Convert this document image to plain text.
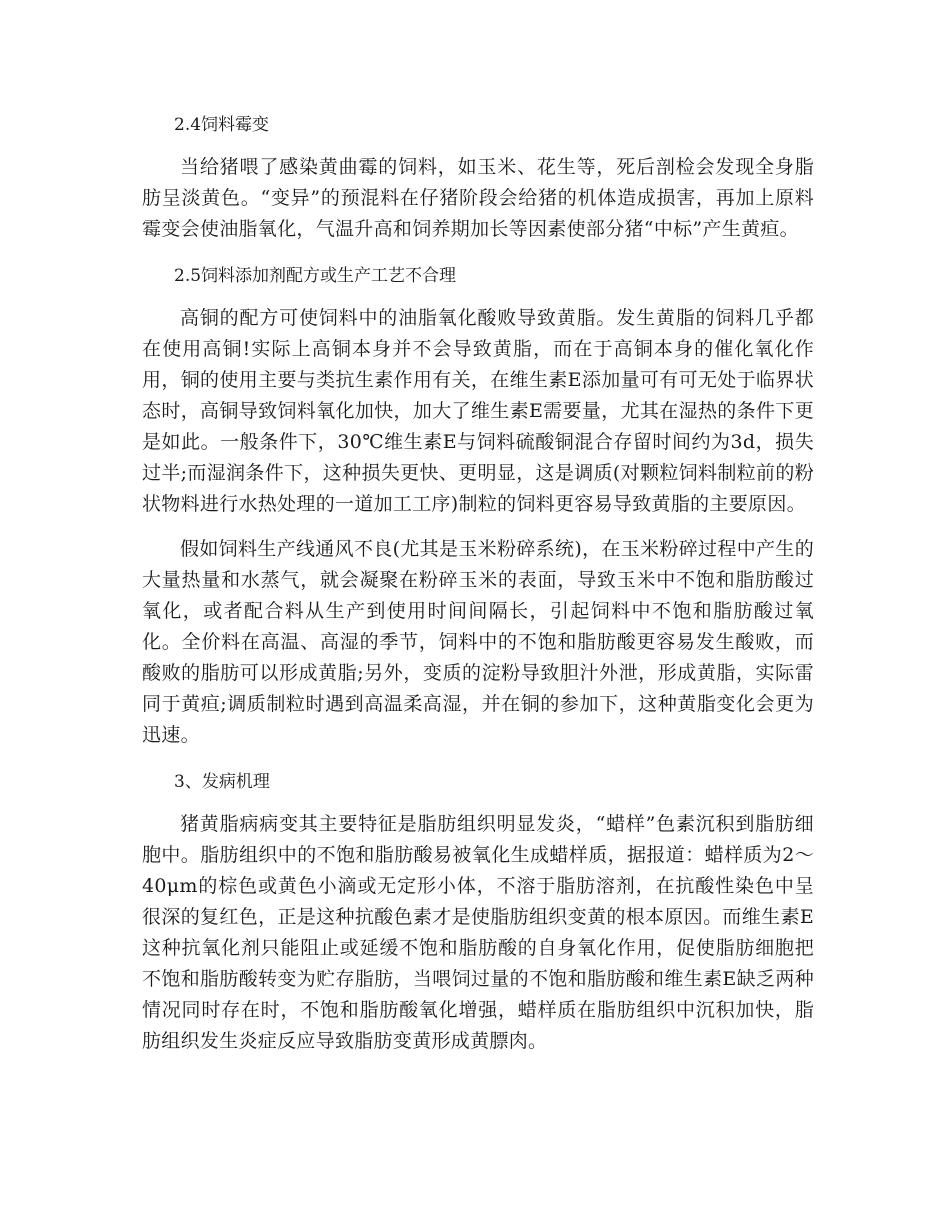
2.4饲料霉变

当给猪喂了感染黄曲霉的饲料，如玉米、花生等，死后剖检会发现全身脂肪呈淡黄色。“变异”的预混料在仔猪阶段会给猪的机体造成损害，再加上原料霉变会使油脂氧化，气温升高和饲养期加长等因素使部分猪“中标”产生黄疸。

2.5饲料添加剂配方或生产工艺不合理

高铜的配方可使饲料中的油脂氧化酸败导致黄脂。发生黄脂的饲料几乎都在使用高铜!实际上高铜本身并不会导致黄脂，而在于高铜本身的催化氧化作用，铜的使用主要与类抗生素作用有关，在维生素E添加量可有可无处于临界状态时，高铜导致饲料氧化加快，加大了维生素E需要量，尤其在湿热的条件下更是如此。一般条件下，30℃维生素E与饲料硫酸铜混合存留时间约为3d，损失过半;而湿润条件下，这种损失更快、更明显，这是调质(对颗粒饲料制粒前的粉状物料进行水热处理的一道加工工序)制粒的饲料更容易导致黄脂的主要原因。

假如饲料生产线通风不良(尤其是玉米粉碎系统)，在玉米粉碎过程中产生的大量热量和水蒸气，就会凝聚在粉碎玉米的表面，导致玉米中不饱和脂肪酸过氧化，或者配合料从生产到使用时间间隔长，引起饲料中不饱和脂肪酸过氧化。全价料在高温、高湿的季节，饲料中的不饱和脂肪酸更容易发生酸败，而酸败的脂肪可以形成黄脂;另外，变质的淀粉导致胆汁外泄，形成黄脂，实际雷同于黄疸;调质制粒时遇到高温柔高湿，并在铜的参加下，这种黄脂变化会更为迅速。

3、发病机理

猪黄脂病病变其主要特征是脂肪组织明显发炎，“蜡样”色素沉积到脂肪细胞中。脂肪组织中的不饱和脂肪酸易被氧化生成蜡样质，据报道：蜡样质为2～40μm的棕色或黄色小滴或无定形小体，不溶于脂肪溶剂，在抗酸性染色中呈很深的复红色，正是这种抗酸色素才是使脂肪组织变黄的根本原因。而维生素E这种抗氧化剂只能阻止或延缓不饱和脂肪酸的自身氧化作用，促使脂肪细胞把不饱和脂肪酸转变为贮存脂肪，当喂饲过量的不饱和脂肪酸和维生素E缺乏两种情况同时存在时，不饱和脂肪酸氧化增强，蜡样质在脂肪组织中沉积加快，脂肪组织发生炎症反应导致脂肪变黄形成黄膘肉。
